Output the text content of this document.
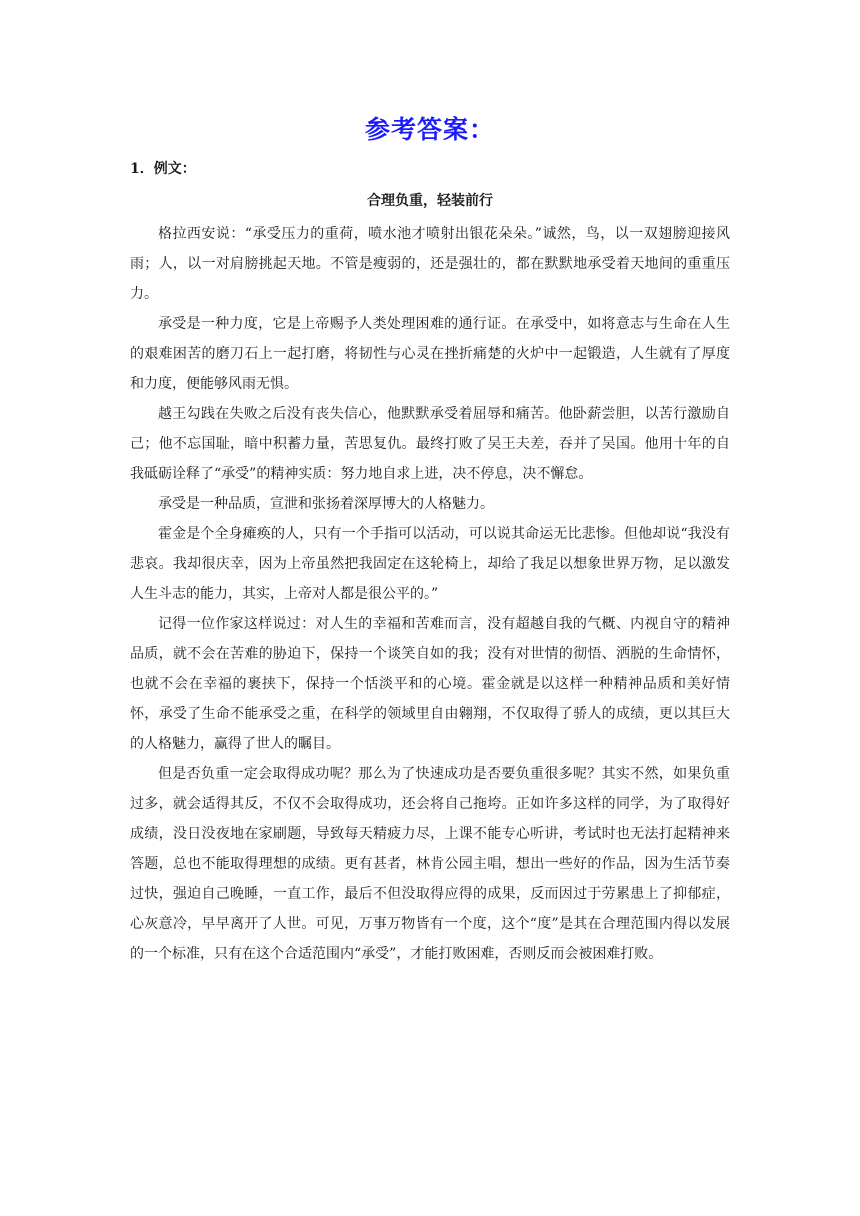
参考答案：
1．例文：
合理负重，轻装前行

格拉西安说：“承受压力的重荷，喷水池才喷射出银花朵朵。”诚然，鸟，以一双翅膀迎接风雨；人，以一对肩膀挑起天地。不管是瘦弱的，还是强壮的，都在默默地承受着天地间的重重压力。

承受是一种力度，它是上帝赐予人类处理困难的通行证。在承受中，如将意志与生命在人生的艰难困苦的磨刀石上一起打磨，将韧性与心灵在挫折痛楚的火炉中一起锻造，人生就有了厚度和力度，便能够风雨无惧。

越王勾践在失败之后没有丧失信心，他默默承受着屈辱和痛苦。他卧薪尝胆，以苦行激励自己；他不忘国耻，暗中积蓄力量，苦思复仇。最终打败了吴王夫差，吞并了吴国。他用十年的自我砥砺诠释了“承受”的精神实质：努力地自求上进，决不停息，决不懈怠。

承受是一种品质，宣泄和张扬着深厚博大的人格魅力。

霍金是个全身瘫痪的人，只有一个手指可以活动，可以说其命运无比悲惨。但他却说“我没有悲哀。我却很庆幸，因为上帝虽然把我固定在这轮椅上，却给了我足以想象世界万物，足以激发人生斗志的能力，其实，上帝对人都是很公平的。”

记得一位作家这样说过：对人生的幸福和苦难而言，没有超越自我的气概、内视自守的精神品质，就不会在苦难的胁迫下，保持一个谈笑自如的我；没有对世情的彻悟、洒脱的生命情怀，也就不会在幸福的裹挟下，保持一个恬淡平和的心境。霍金就是以这样一种精神品质和美好情怀，承受了生命不能承受之重，在科学的领域里自由翱翔，不仅取得了骄人的成绩，更以其巨大的人格魅力，赢得了世人的瞩目。

但是否负重一定会取得成功呢？那么为了快速成功是否要负重很多呢？其实不然，如果负重过多，就会适得其反，不仅不会取得成功，还会将自己拖垮。正如许多这样的同学，为了取得好成绩，没日没夜地在家刷题，导致每天精疲力尽，上课不能专心听讲，考试时也无法打起精神来答题，总也不能取得理想的成绩。更有甚者，林肯公园主唱，想出一些好的作品，因为生活节奏过快，强迫自己晚睡，一直工作，最后不但没取得应得的成果，反而因过于劳累患上了抑郁症，心灰意冷，早早离开了人世。可见，万事万物皆有一个度，这个“度”是其在合理范围内得以发展的一个标准，只有在这个合适范围内“承受”，才能打败困难，否则反而会被困难打败。
